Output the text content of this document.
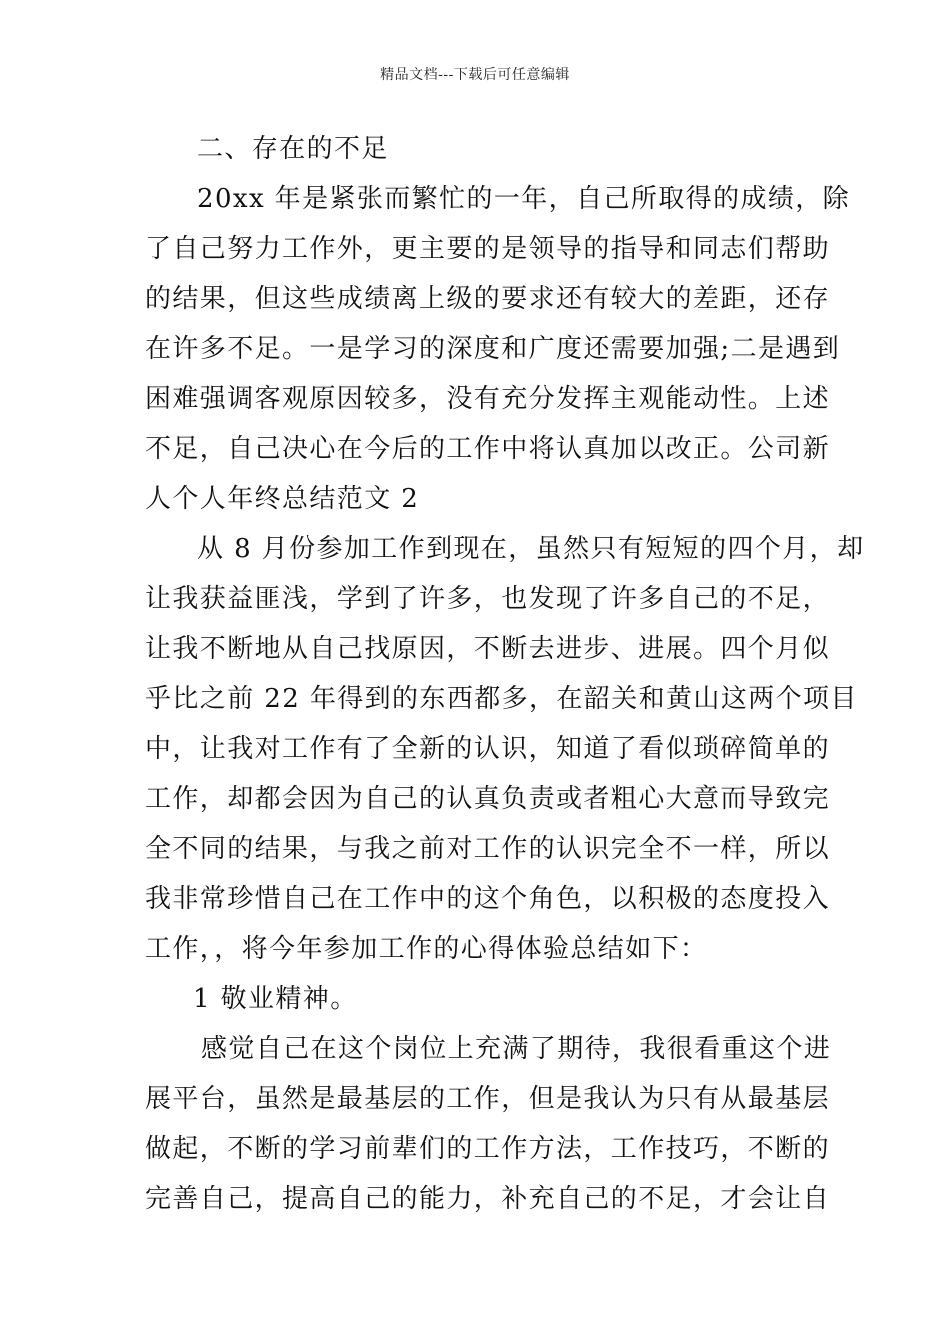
精品文档---下载后可任意编辑
二、存在的不足
20xx 年是紧张而繁忙的一年，自己所取得的成绩，除
了自己努力工作外，更主要的是领导的指导和同志们帮助
的结果，但这些成绩离上级的要求还有较大的差距，还存
在许多不足。一是学习的深度和广度还需要加强;二是遇到
困难强调客观原因较多，没有充分发挥主观能动性。上述
不足，自己决心在今后的工作中将认真加以改正。公司新
人个人年终总结范文 2
从 8 月份参加工作到现在，虽然只有短短的四个月，却
让我获益匪浅，学到了许多，也发现了许多自己的不足，
让我不断地从自己找原因，不断去进步、进展。四个月似
乎比之前 22 年得到的东西都多，在韶关和黄山这两个项目
中，让我对工作有了全新的认识，知道了看似琐碎简单的
工作，却都会因为自己的认真负责或者粗心大意而导致完
全不同的结果，与我之前对工作的认识完全不一样，所以
我非常珍惜自己在工作中的这个角色，以积极的态度投入
工作，，将今年参加工作的心得体验总结如下：
1 敬业精神。
感觉自己在这个岗位上充满了期待，我很看重这个进
展平台，虽然是最基层的工作，但是我认为只有从最基层
做起，不断的学习前辈们的工作方法，工作技巧，不断的
完善自己，提高自己的能力，补充自己的不足，才会让自
